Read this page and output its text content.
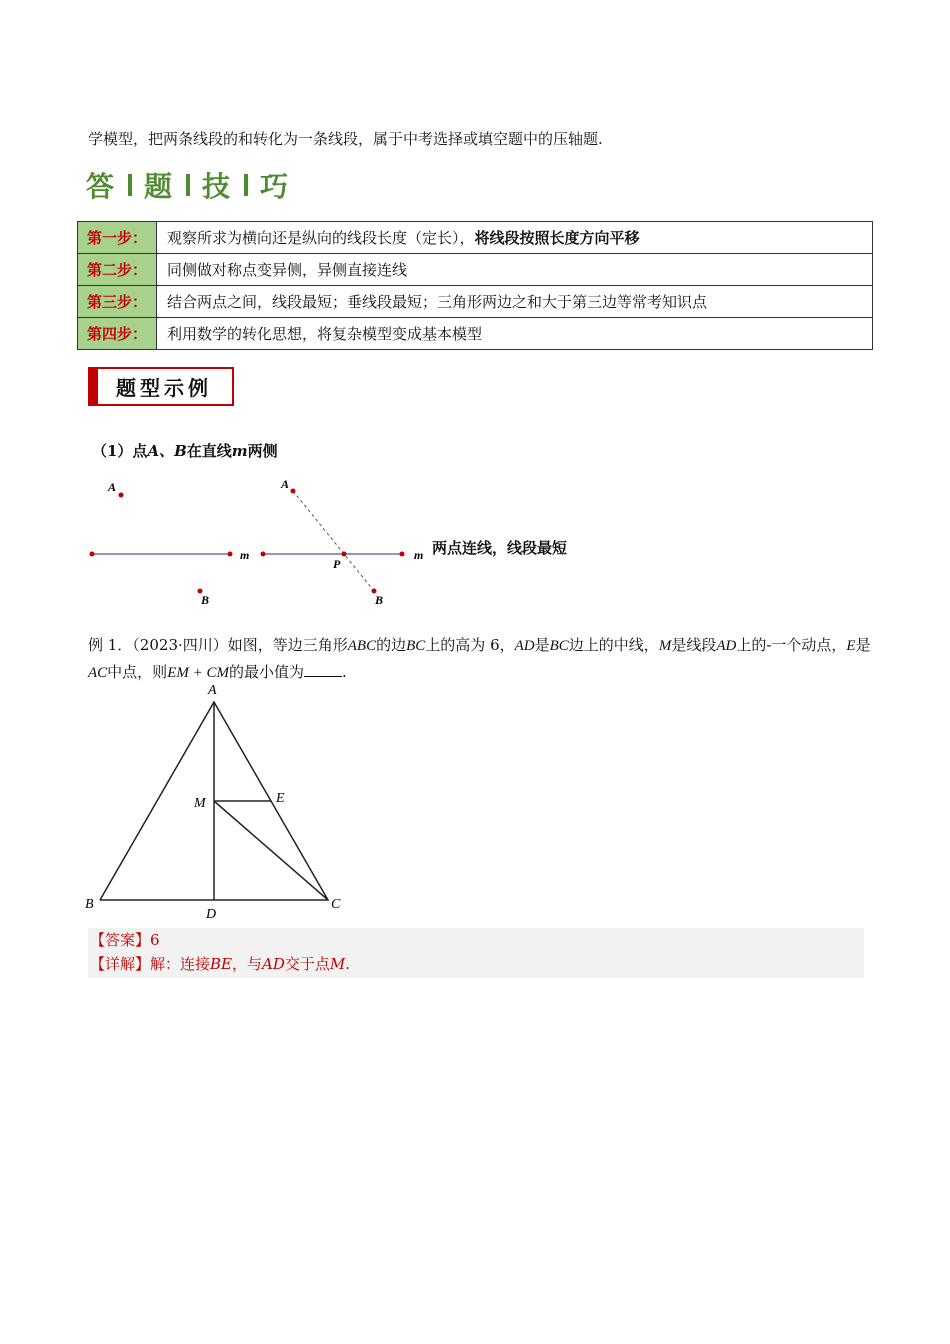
学模型，把两条线段的和转化为一条线段，属于中考选择或填空题中的压轴题.
答 题 技 巧
第一步：	观察所求为横向还是纵向的线段长度（定长），将线段按照长度方向平移
第二步：	同侧做对称点变异侧，异侧直接连线
第三步：	结合两点之间，线段最短；垂线段最短；三角形两边之和大于第三边等常考知识点
第四步：	利用数学的转化思想，将复杂模型变成基本模型
题型示例
（1）点A、B在直线m两侧
A
B
m
A
B
P
m 两点连线，线段最短
例 1．（2023·四川）如图，等边三角形ABC的边BC上的高为 6，AD是BC边上的中线，M是线段AD上的-一个动点，E是AC中点，则EM + CM的最小值为	.
A
B	C
D
E
M
【答案】6
【详解】解：连接BE，与AD交于点M.
